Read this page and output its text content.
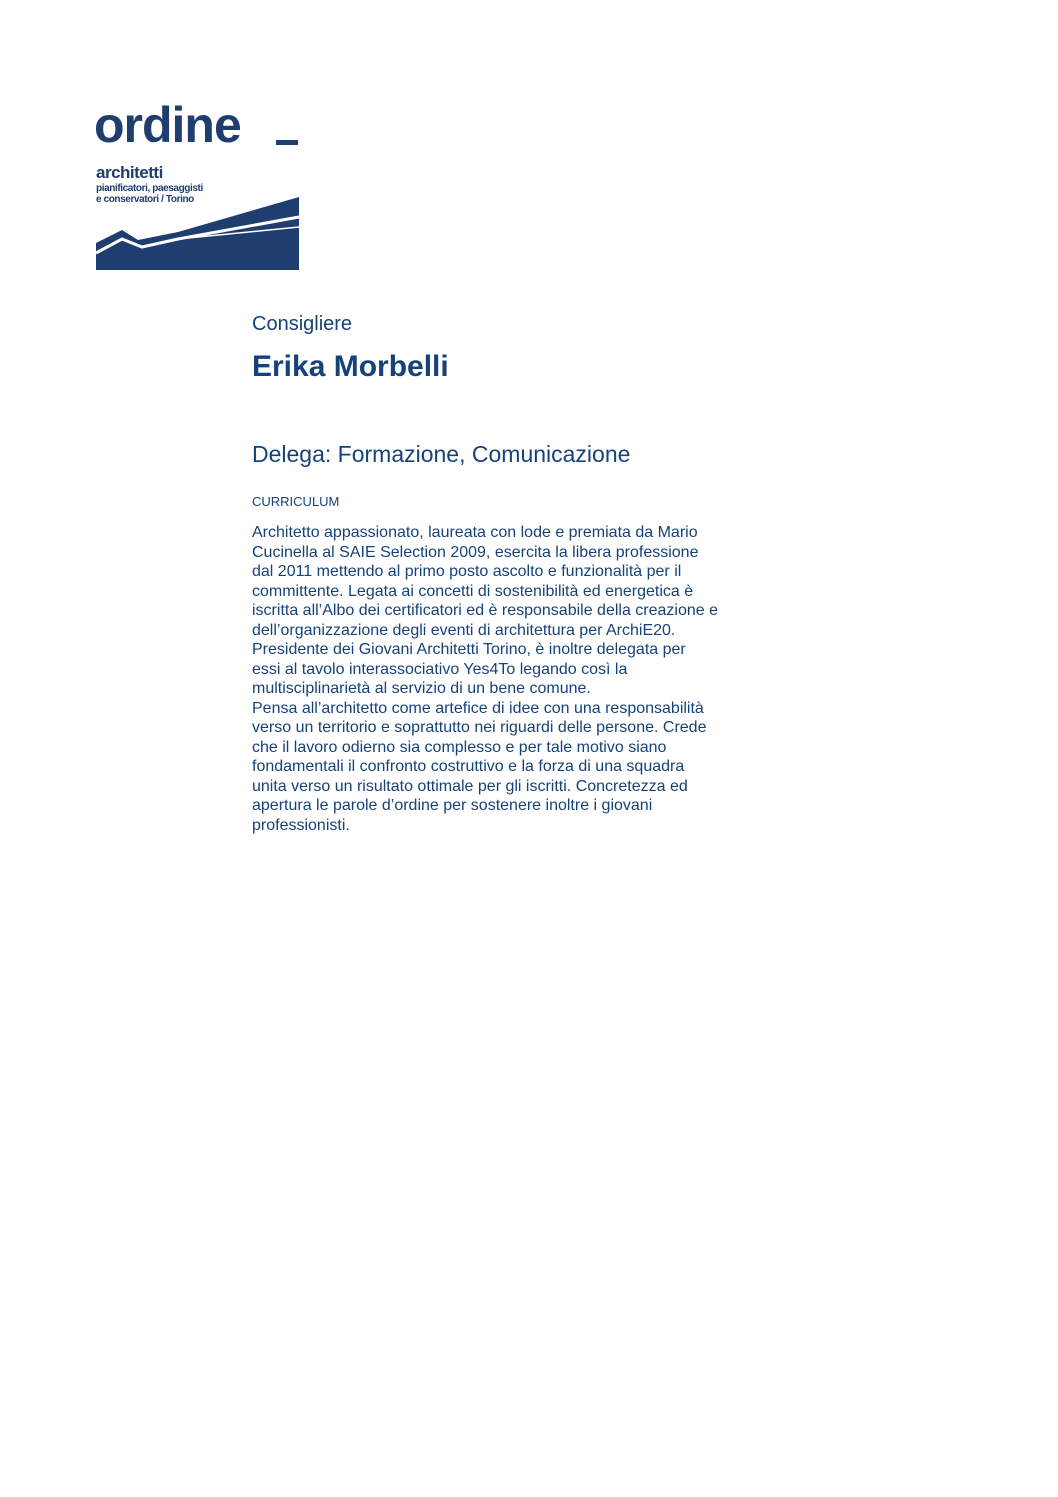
ordine
architetti
pianificatori, paesaggisti
e conservatori / Torino
Consigliere
Erika Morbelli
Delega: Formazione, Comunicazione
CURRICULUM
Architetto appassionato, laureata con lode e premiata da Mario
Cucinella al SAIE Selection 2009, esercita la libera professione
dal 2011 mettendo al primo posto ascolto e funzionalità per il
committente. Legata ai concetti di sostenibilità ed energetica è
iscritta all’Albo dei certificatori ed è responsabile della creazione e
dell’organizzazione degli eventi di architettura per ArchiE20.
Presidente dei Giovani Architetti Torino, è inoltre delegata per
essi al tavolo interassociativo Yes4To legando così la
multisciplinarietà al servizio di un bene comune.
Pensa all’architetto come artefice di idee con una responsabilità
verso un territorio e soprattutto nei riguardi delle persone. Crede
che il lavoro odierno sia complesso e per tale motivo siano
fondamentali il confronto costruttivo e la forza di una squadra
unita verso un risultato ottimale per gli iscritti. Concretezza ed
apertura le parole d’ordine per sostenere inoltre i giovani
professionisti.
